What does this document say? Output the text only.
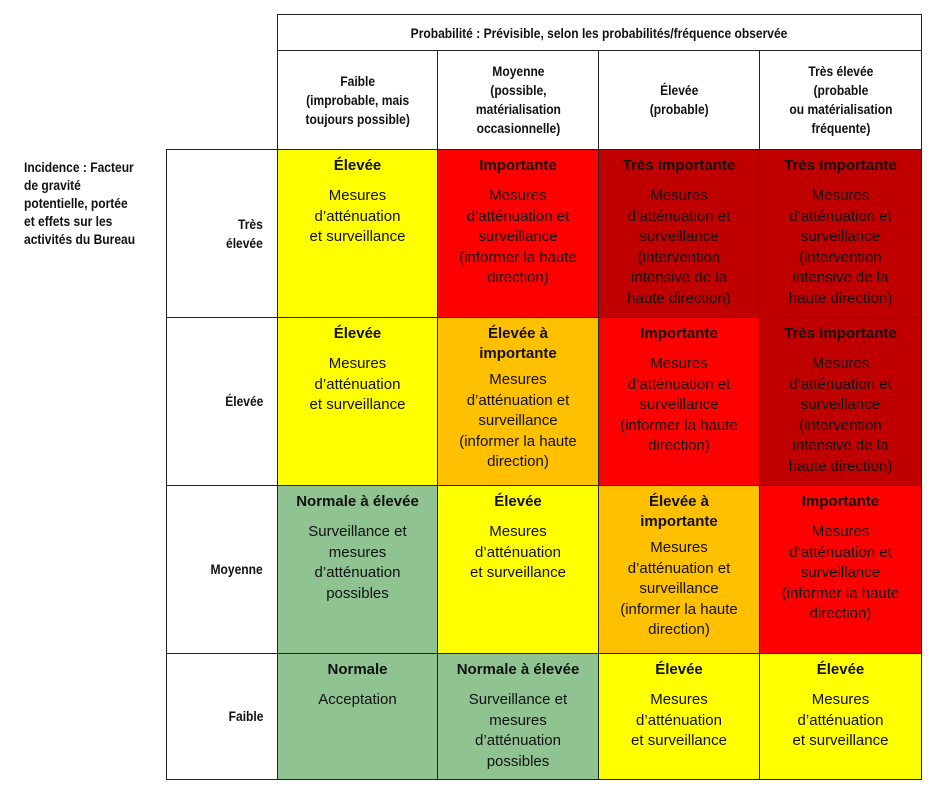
Probabilité : Prévisible, selon les probabilités/fréquence observée
Faible
(improbable, mais
toujours possible)
Moyenne
(possible,
matérialisation
occasionnelle)
Élevée
(probable)
Très élevée
(probable
ou matérialisation
fréquente)
Incidence : Facteur
de gravité
potentielle, portée
et effets sur les
activités du Bureau
Très
élevée
Élevée
Moyenne
Faible
Élevée
Mesures
d’atténuation
et surveillance
Importante
Mesures
d’atténuation et
surveillance
(informer la haute
direction)
Très importante
Mesures
d’atténuation et
surveillance
(intervention
intensive de la
haute direction)
Très importante
Mesures
d’atténuation et
surveillance
(intervention
intensive de la
haute direction)
Élevée
Mesures
d’atténuation
et surveillance
Élevée à
importante
Mesures
d’atténuation et
surveillance
(informer la haute
direction)
Importante
Mesures
d’atténuation et
surveillance
(informer la haute
direction)
Très importante
Mesures
d’atténuation et
surveillance
(intervention
intensive de la
haute direction)
Normale à élevée
Surveillance et
mesures
d’atténuation
possibles
Élevée
Mesures
d’atténuation
et surveillance
Élevée à
importante
Mesures
d’atténuation et
surveillance
(informer la haute
direction)
Importante
Mesures
d’atténuation et
surveillance
(informer la haute
direction)
Normale
Acceptation
Normale à élevée
Surveillance et
mesures
d’atténuation
possibles
Élevée
Mesures
d’atténuation
et surveillance
Élevée
Mesures
d’atténuation
et surveillance
